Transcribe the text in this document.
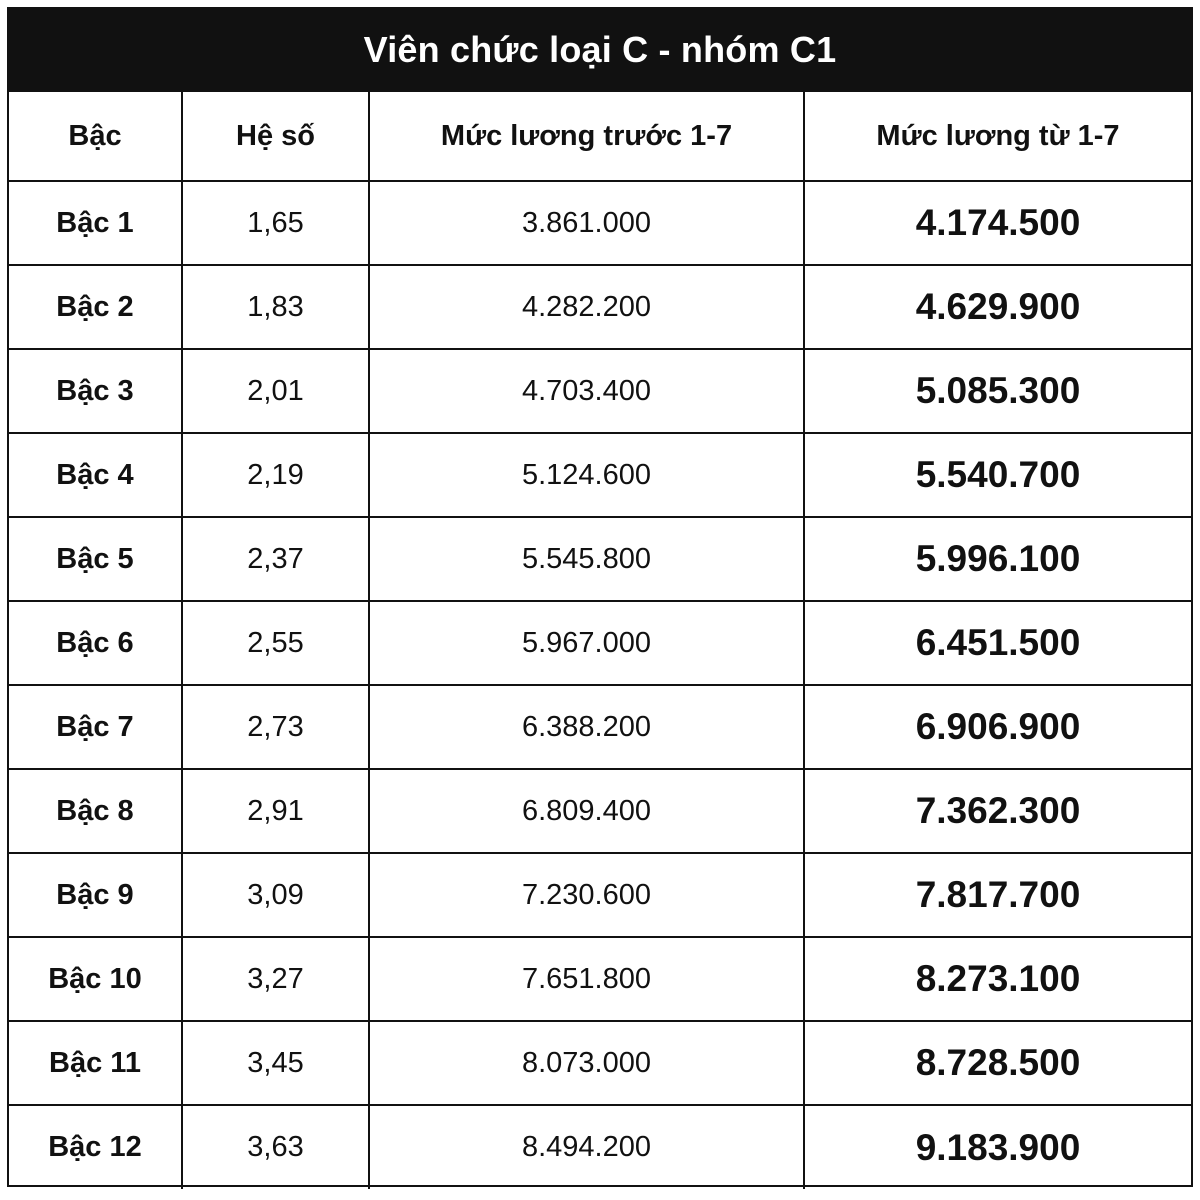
Viên chức loại C - nhóm C1
Bậc	Hệ số	Mức lương trước 1-7	Mức lương từ 1-7
Bậc 1	1,65	3.861.000	4.174.500
Bậc 2	1,83	4.282.200	4.629.900
Bậc 3	2,01	4.703.400	5.085.300
Bậc 4	2,19	5.124.600	5.540.700
Bậc 5	2,37	5.545.800	5.996.100
Bậc 6	2,55	5.967.000	6.451.500
Bậc 7	2,73	6.388.200	6.906.900
Bậc 8	2,91	6.809.400	7.362.300
Bậc 9	3,09	7.230.600	7.817.700
Bậc 10	3,27	7.651.800	8.273.100
Bậc 11	3,45	8.073.000	8.728.500
Bậc 12	3,63	8.494.200	9.183.900
